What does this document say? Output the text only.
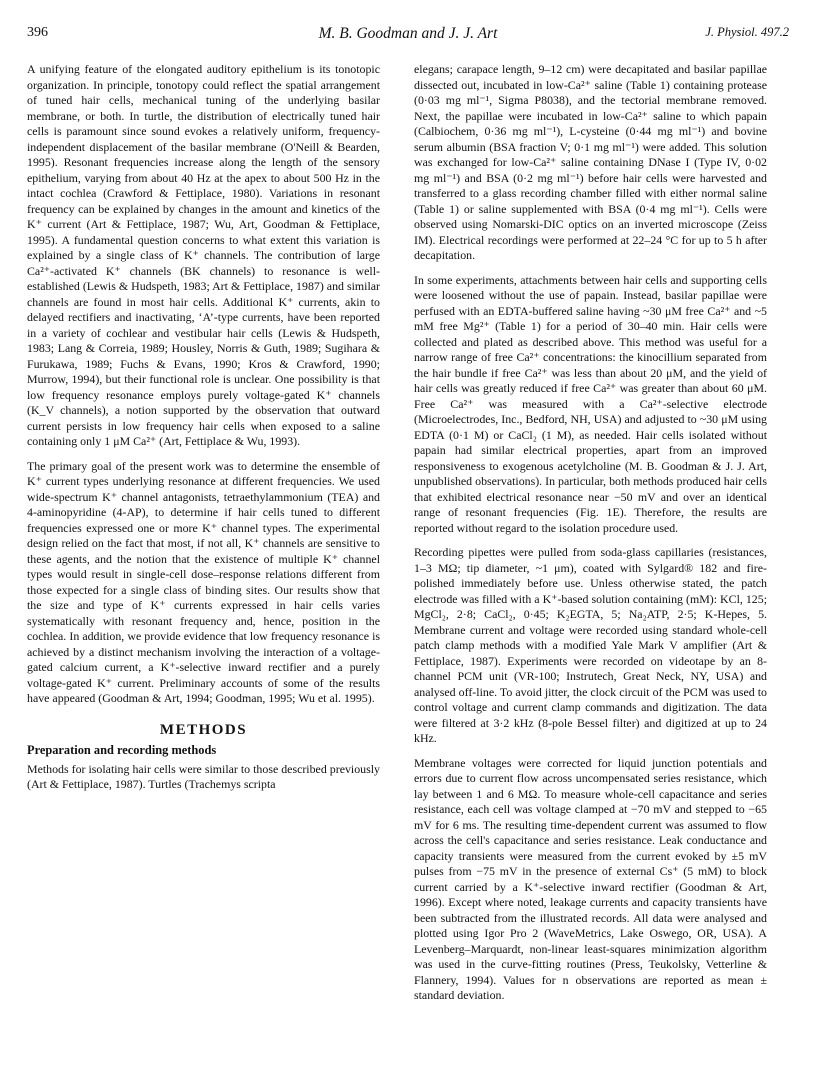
396	M. B. Goodman and J. J. Art	J. Physiol. 497.2

A unifying feature of the elongated auditory epithelium is its tonotopic organization. In principle, tonotopy could reflect the spatial arrangement of tuned hair cells, mechanical tuning of the underlying basilar membrane, or both. In turtle, the distribution of electrically tuned hair cells is paramount since sound evokes a relatively uniform, frequency-independent displacement of the basilar membrane (O'Neill & Bearden, 1995). Resonant frequencies increase along the length of the sensory epithelium, varying from about 40 Hz at the apex to about 500 Hz in the intact cochlea (Crawford & Fettiplace, 1980). Variations in resonant frequency can be explained by changes in the amount and kinetics of the K⁺ current (Art & Fettiplace, 1987; Wu, Art, Goodman & Fettiplace, 1995). A fundamental question concerns to what extent this variation is explained by a single class of K⁺ channels. The contribution of large Ca²⁺-activated K⁺ channels (BK channels) to resonance is well-established (Lewis & Hudspeth, 1983; Art & Fettiplace, 1987) and similar channels are found in most hair cells. Additional K⁺ currents, akin to delayed rectifiers and inactivating, ‘A’-type currents, have been reported in a variety of cochlear and vestibular hair cells (Lewis & Hudspeth, 1983; Lang & Correia, 1989; Housley, Norris & Guth, 1989; Sugihara & Furukawa, 1989; Fuchs & Evans, 1990; Kros & Crawford, 1990; Murrow, 1994), but their functional role is unclear. One possibility is that low frequency resonance employs purely voltage-gated K⁺ channels (K_V channels), a notion supported by the observation that outward current persists in low frequency hair cells when exposed to a saline containing only 1 μM Ca²⁺ (Art, Fettiplace & Wu, 1993).

The primary goal of the present work was to determine the ensemble of K⁺ current types underlying resonance at different frequencies. We used wide-spectrum K⁺ channel antagonists, tetraethylammonium (TEA) and 4-aminopyridine (4-AP), to determine if hair cells tuned to different frequencies expressed one or more K⁺ channel types. The experimental design relied on the fact that most, if not all, K⁺ channels are sensitive to these agents, and the notion that the existence of multiple K⁺ channel types would result in single-cell dose–response relations different from those expected for a single class of binding sites. Our results show that the size and type of K⁺ currents expressed in hair cells varies systematically with resonant frequency and, hence, position in the cochlea. In addition, we provide evidence that low frequency resonance is achieved by a distinct mechanism involving the interaction of a voltage-gated calcium current, a K⁺-selective inward rectifier and a purely voltage-gated K⁺ current. Preliminary accounts of some of the results have appeared (Goodman & Art, 1994; Goodman, 1995; Wu et al. 1995).

METHODS

Preparation and recording methods

Methods for isolating hair cells were similar to those described previously (Art & Fettiplace, 1987). Turtles (Trachemys scripta

elegans; carapace length, 9–12 cm) were decapitated and basilar papillae dissected out, incubated in low-Ca²⁺ saline (Table 1) containing protease (0·03 mg ml⁻¹, Sigma P8038), and the tectorial membrane removed. Next, the papillae were incubated in low-Ca²⁺ saline to which papain (Calbiochem, 0·36 mg ml⁻¹), L-cysteine (0·44 mg ml⁻¹) and bovine serum albumin (BSA fraction V; 0·1 mg ml⁻¹) were added. This solution was exchanged for low-Ca²⁺ saline containing DNase I (Type IV, 0·02 mg ml⁻¹) and BSA (0·2 mg ml⁻¹) before hair cells were harvested and transferred to a glass recording chamber filled with either normal saline (Table 1) or saline supplemented with BSA (0·4 mg ml⁻¹). Cells were observed using Nomarski-DIC optics on an inverted microscope (Zeiss IM). Electrical recordings were performed at 22–24 °C for up to 5 h after decapitation.

In some experiments, attachments between hair cells and supporting cells were loosened without the use of papain. Instead, basilar papillae were perfused with an EDTA-buffered saline having ~30 μM free Ca²⁺ and ~5 mM free Mg²⁺ (Table 1) for a period of 30–40 min. Hair cells were collected and plated as described above. This method was useful for a narrow range of free Ca²⁺ concentrations: the kinocillium separated from the hair bundle if free Ca²⁺ was less than about 20 μM, and the yield of hair cells was greatly reduced if free Ca²⁺ was greater than about 60 μM. Free Ca²⁺ was measured with a Ca²⁺-selective electrode (Microelectrodes, Inc., Bedford, NH, USA) and adjusted to ~30 μM using EDTA (0·1 M) or CaCl₂ (1 M), as needed. Hair cells isolated without papain had similar electrical properties, apart from an improved responsiveness to exogenous acetylcholine (M. B. Goodman & J. J. Art, unpublished observations). In particular, both methods produced hair cells that exhibited electrical resonance near −50 mV and over an identical range of resonant frequencies (Fig. 1E). Therefore, the results are reported without regard to the isolation procedure used.

Recording pipettes were pulled from soda-glass capillaries (resistances, 1–3 MΩ; tip diameter, ~1 μm), coated with Sylgard® 182 and fire-polished immediately before use. Unless otherwise stated, the patch electrode was filled with a K⁺-based solution containing (mM): KCl, 125; MgCl₂, 2·8; CaCl₂, 0·45; K₂EGTA, 5; Na₂ATP, 2·5; K-Hepes, 5. Membrane current and voltage were recorded using standard whole-cell patch clamp methods with a modified Yale Mark V amplifier (Art & Fettiplace, 1987). Experiments were recorded on videotape by an 8-channel PCM unit (VR-100; Instrutech, Great Neck, NY, USA) and analysed off-line. To avoid jitter, the clock circuit of the PCM was used to control voltage and current clamp commands and digitization. The data were filtered at 3·2 kHz (8-pole Bessel filter) and digitized at up to 24 kHz.

Membrane voltages were corrected for liquid junction potentials and errors due to current flow across uncompensated series resistance, which lay between 1 and 6 MΩ. To measure whole-cell capacitance and series resistance, each cell was voltage clamped at −70 mV and stepped to −65 mV for 6 ms. The resulting time-dependent current was assumed to flow across the cell's capacitance and series resistance. Leak conductance and capacity transients were measured from the current evoked by ±5 mV pulses from −75 mV in the presence of external Cs⁺ (5 mM) to block current carried by a K⁺-selective inward rectifier (Goodman & Art, 1996). Except where noted, leakage currents and capacity transients have been subtracted from the illustrated records. All data were analysed and plotted using Igor Pro 2 (WaveMetrics, Lake Oswego, OR, USA). A Levenberg–Marquardt, non-linear least-squares minimization algorithm was used in the curve-fitting routines (Press, Teukolsky, Vetterline & Flannery, 1994). Values for n observations are reported as mean ± standard deviation.
